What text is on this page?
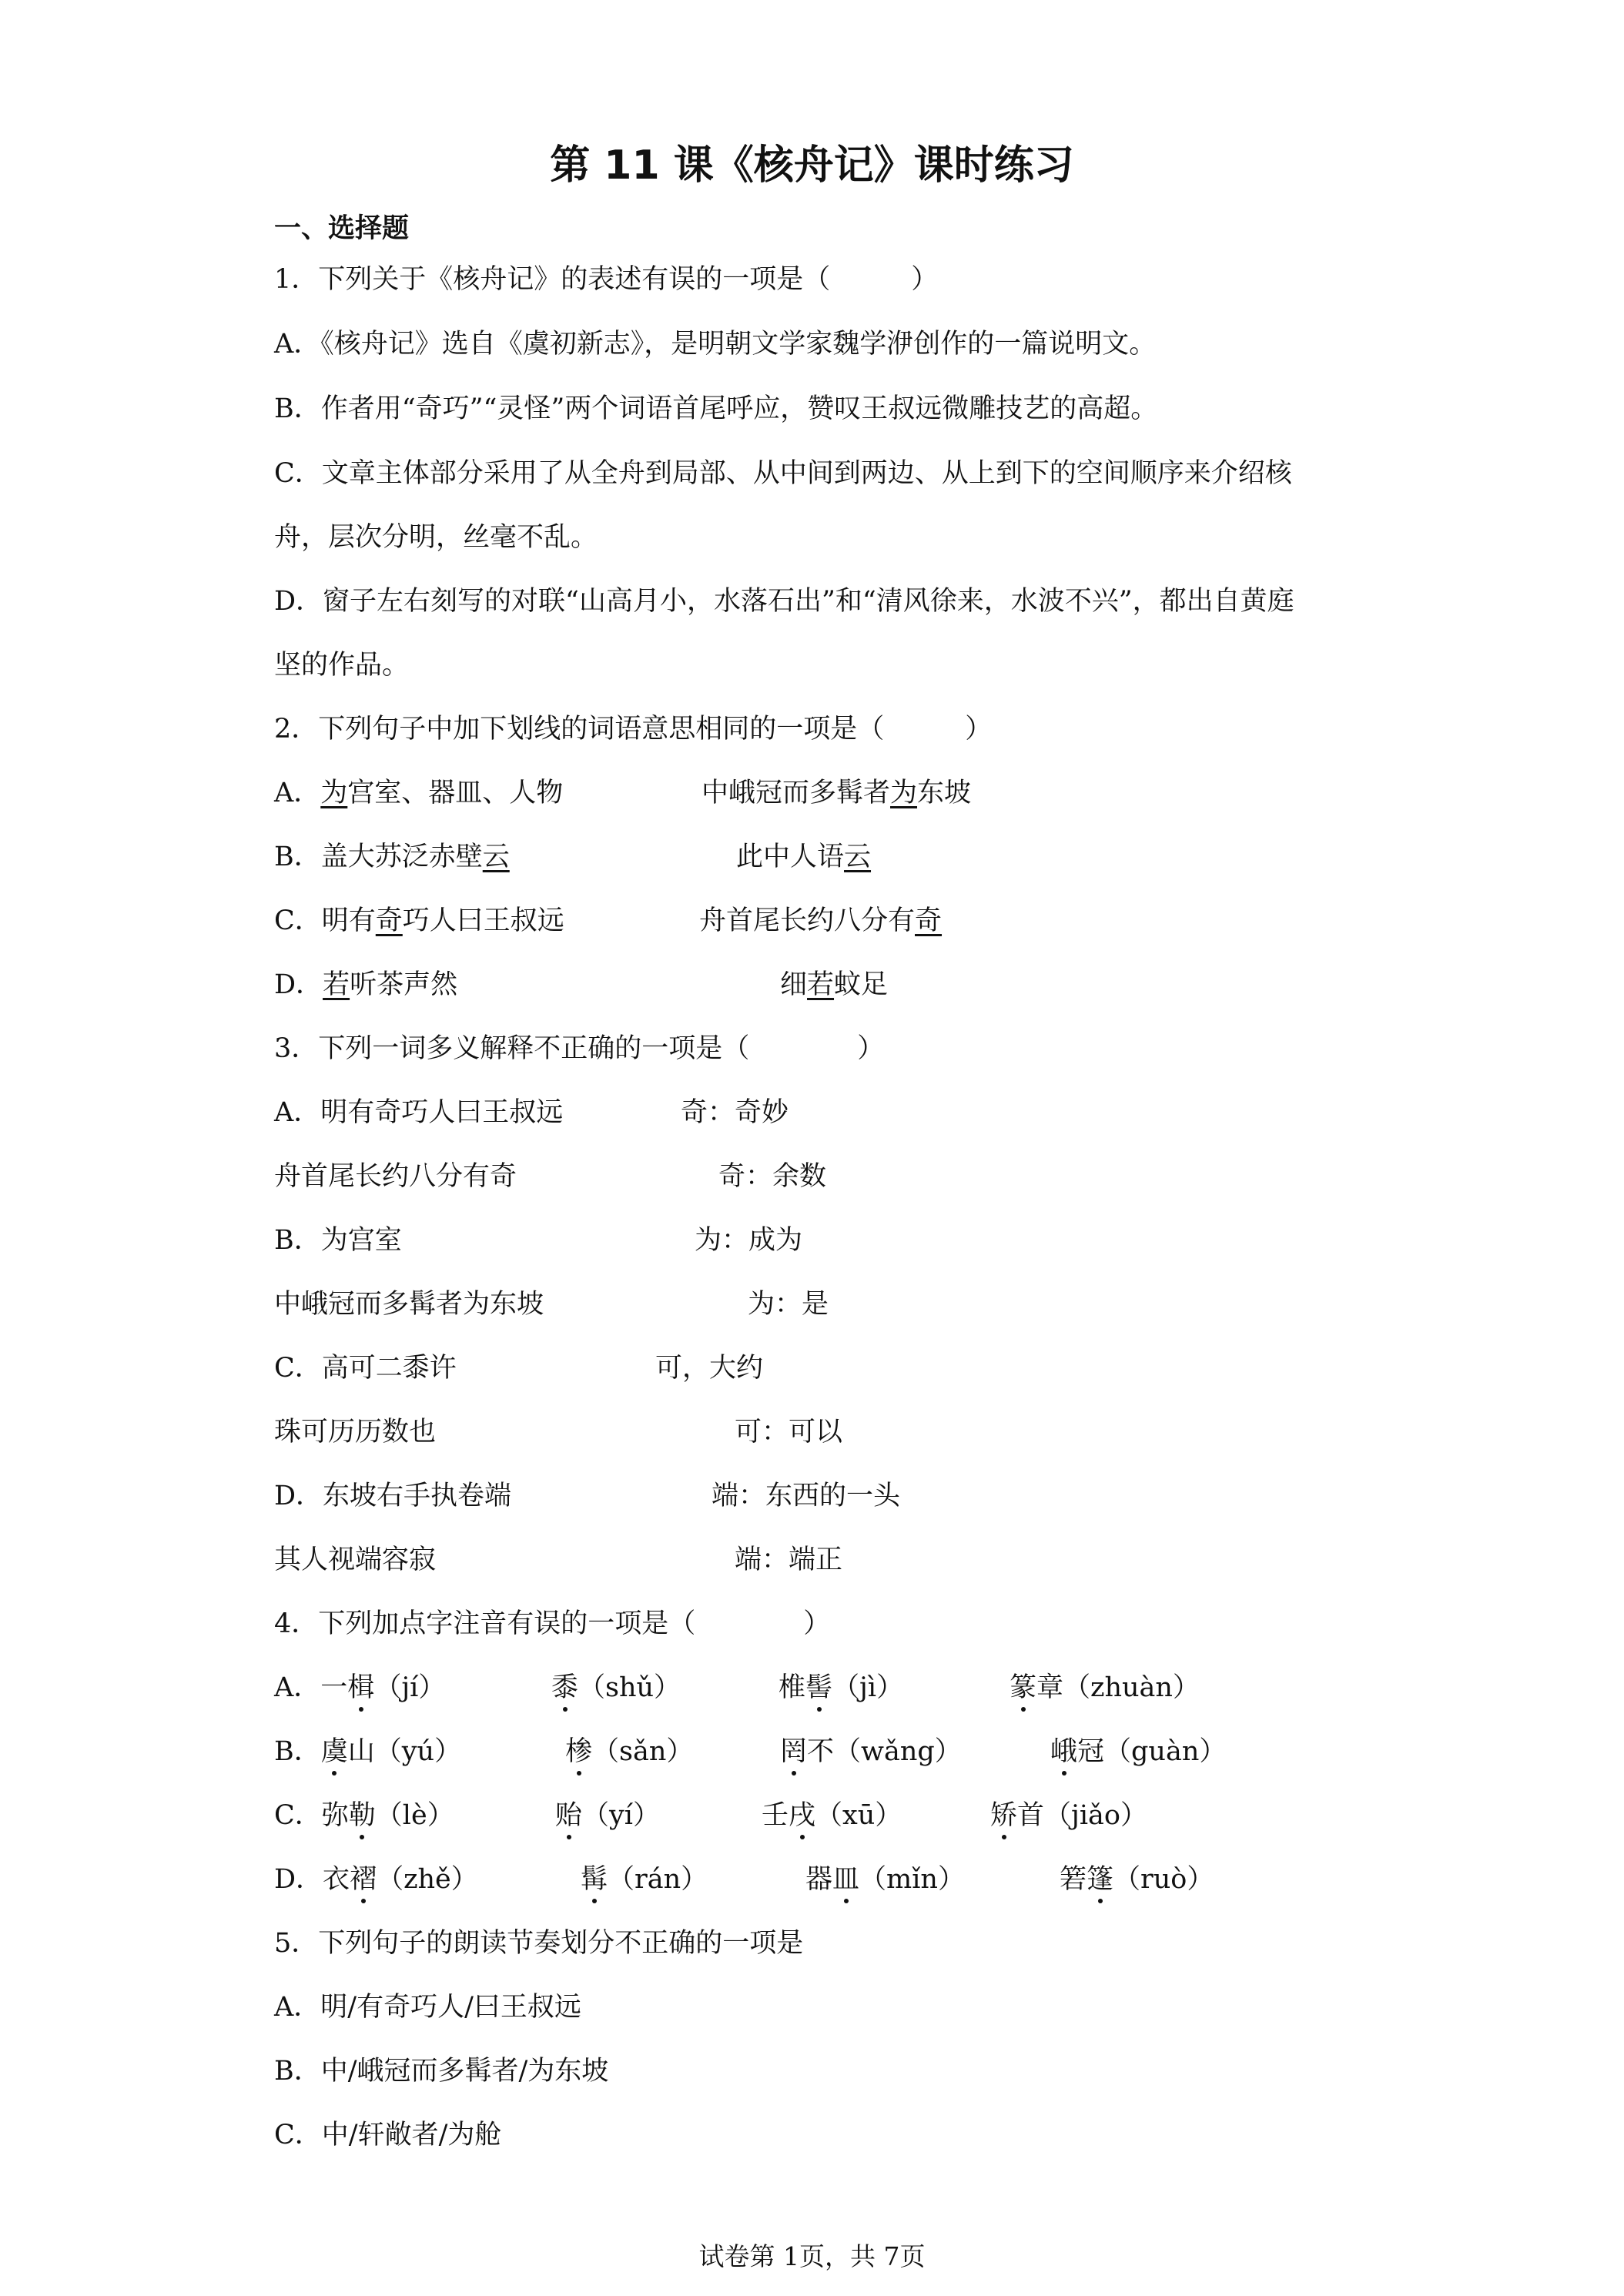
第 11 课《核舟记》课时练习
一、选择题
1．下列关于《核舟记》的表述有误的一项是（　　　）
A．《核舟记》选自《虞初新志》，是明朝文学家魏学洢创作的一篇说明文。
B．作者用“奇巧”“灵怪”两个词语首尾呼应，赞叹王叔远微雕技艺的高超。
C．文章主体部分采用了从全舟到局部、从中间到两边、从上到下的空间顺序来介绍核
舟，层次分明，丝毫不乱。
D．窗子左右刻写的对联“山高月小，水落石出”和“清风徐来，水波不兴”，都出自黄庭
坚的作品。
2．下列句子中加下划线的词语意思相同的一项是（　　　）
A．为宫室、器皿、人物	中峨冠而多髯者为东坡
B．盖大苏泛赤壁云	此中人语云
C．明有奇巧人曰王叔远	舟首尾长约八分有奇
D．若听茶声然	细若蚊足
3．下列一词多义解释不正确的一项是（　　　　）
A．明有奇巧人曰王叔远	奇：奇妙
舟首尾长约八分有奇	奇：余数
B．为宫室	为：成为
中峨冠而多髯者为东坡	为：是
C．高可二黍许	可，大约
珠可历历数也	可：可以
D．东坡右手执卷端	端：东西的一头
其人视端容寂	端：端正
4．下列加点字注音有误的一项是（　　　　）
A．一楫（jí）	黍（shǔ）	椎髻（jì）	篆章（zhuàn）
B．虞山（yú）	椮（sǎn）	罔不（wǎng）	峨冠（guàn）
C．弥勒（lè）	贻（yí）	壬戌（xū）	矫首（jiǎo）
D．衣褶（zhě）	髯（rán）	器皿（mǐn）	箬篷（ruò）
5．下列句子的朗读节奏划分不正确的一项是
A．明/有奇巧人/曰王叔远
B．中/峨冠而多髯者/为东坡
C．中/轩敞者/为舱
试卷第 1页，共 7页
